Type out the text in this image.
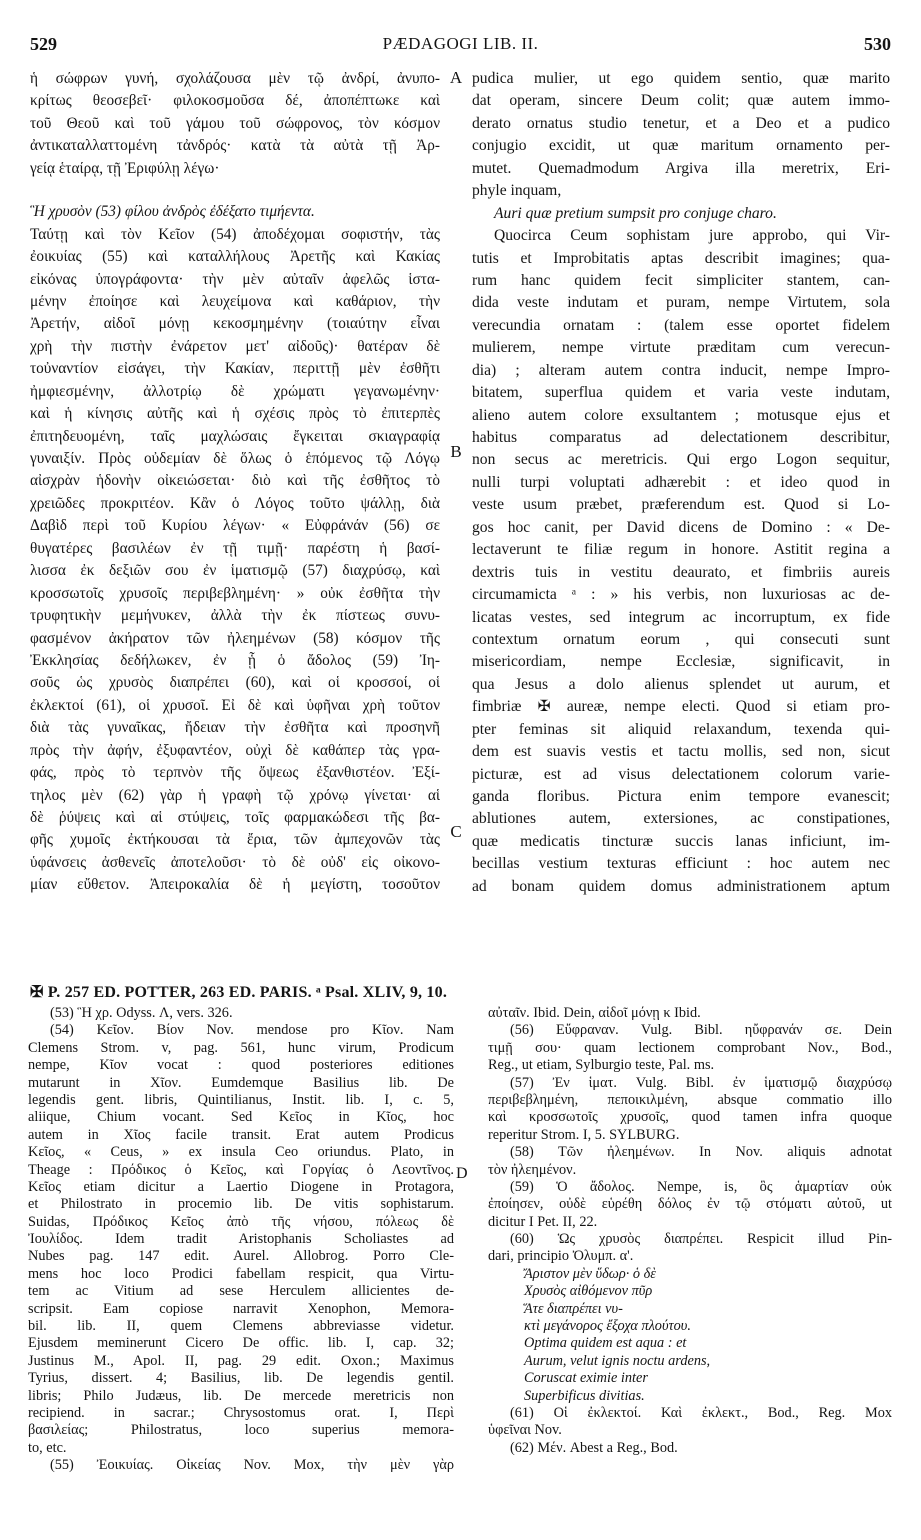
PÆDAGOGI LIB. II.
529	530
ἡ σώφρων γυνή, σχολάζουσα μὲν τῷ ἀνδρί, ἀνυπο-
κρίτως θεοσεβεῖ· φιλοκοσμοῦσα δέ, ἀποπέπτωκε καὶ
τοῦ Θεοῦ καὶ τοῦ γάμου τοῦ σώφρονος, τὸν κόσμον
ἀντικαταλλαττομένη τἀνδρός· κατὰ τὰ αὐτὰ τῇ Ἀρ-
γείᾳ ἑταίρᾳ, τῇ Ἐριφύλῃ λέγω·
Ἣ χρυσὸν (53) φίλου ἀνδρὸς ἐδέξατο τιμήεντα.
Ταύτῃ καὶ τὸν Κεῖον (54) ἀποδέχομαι σοφιστήν, τὰς
ἐοικυίας (55) καὶ καταλλήλους Ἀρετῆς καὶ Κακίας
εἰκόνας ὑπογράφοντα· τὴν μὲν αὐταῖν ἀφελῶς ἱστα-
μένην ἐποίησε καὶ λευχείμονα καὶ καθάριον, τὴν
Ἀρετήν, αἰδοῖ μόνῃ κεκοσμημένην (τοιαύτην εἶναι
χρὴ τὴν πιστὴν ἐνάρετον μετ' αἰδοῦς)· θατέραν δὲ
τοὐναντίον εἰσάγει, τὴν Κακίαν, περιττῇ μὲν ἐσθῆτι
ἠμφιεσμένην, ἀλλοτρίῳ δὲ χρώματι γεγανωμένην·
καὶ ἡ κίνησις αὐτῆς καὶ ἡ σχέσις πρὸς τὸ ἐπιτερπὲς
ἐπιτηδευομένη, ταῖς μαχλώσαις ἔγκειται σκιαγραφίᾳ
γυναιξίν. Πρὸς οὐδεμίαν δὲ ὅλως ὁ ἑπόμενος τῷ Λόγῳ
αἰσχρὰν ἡδονὴν οἰκειώσεται· διὸ καὶ τῆς ἐσθῆτος τὸ
χρειῶδες προκριτέον. Κἂν ὁ Λόγος τοῦτο ψάλλῃ, διὰ
Δαβὶδ περὶ τοῦ Κυρίου λέγων· « Εὐφράνάν (56) σε
θυγατέρες βασιλέων ἐν τῇ τιμῇ· παρέστη ἡ βασί-
λισσα ἐκ δεξιῶν σου ἐν ἱματισμῷ (57) διαχρύσῳ, καὶ
κροσσωτοῖς χρυσοῖς περιβεβλημένη· » οὐκ ἐσθῆτα τὴν
τρυφητικὴν μεμήνυκεν, ἀλλὰ τὴν ἐκ πίστεως συνυ-
φασμένον ἀκήρατον τῶν ἠλεημένων (58) κόσμον τῆς
Ἐκκλησίας δεδήλωκεν, ἐν ᾗ ὁ ἄδολος (59) Ἰη-
σοῦς ὡς χρυσὸς διαπρέπει (60), καὶ οἱ κροσσοί, οἱ
ἐκλεκτοί (61), οἱ χρυσοῖ. Εἰ δὲ καὶ ὑφῆναι χρὴ τοῦτον
διὰ τὰς γυναῖκας, ἤδειαν τὴν ἐσθῆτα καὶ προσηνῆ
πρὸς τὴν ἀφήν, ἐξυφαντέον, οὐχὶ δὲ καθάπερ τὰς γρα-
φάς, πρὸς τὸ τερπνὸν τῆς ὄψεως ἐξανθιστέον. Ἐξί-
τηλος μὲν (62) γὰρ ἡ γραφὴ τῷ χρόνῳ γίνεται· αἱ
δὲ ῥύψεις καὶ αἱ στύψεις, τοῖς φαρμακώδεσι τῆς βα-
φῆς χυμοῖς ἐκτήκουσαι τὰ ἔρια, τῶν ἀμπεχονῶν τὰς
ὑφάνσεις ἀσθενεῖς ἀποτελοῦσι· τὸ δὲ οὐδ' εἰς οἰκονο-
μίαν εὔθετον. Ἀπειροκαλία δὲ ἡ μεγίστη, τοσοῦτον
pudica mulier, ut ego quidem sentio, quæ marito
dat operam, sincere Deum colit; quæ autem immo-
derato ornatus studio tenetur, et a Deo et a pudico
conjugio excidit, ut quæ maritum ornamento per-
mutet. Quemadmodum Argiva illa meretrix, Eri-
phyle inquam,
Auri quæ pretium sumpsit pro conjuge charo.
Quocirca Ceum sophistam jure approbo, qui Vir-
tutis et Improbitatis aptas describit imagines; qua-
rum hanc quidem fecit simpliciter stantem, can-
dida veste indutam et puram, nempe Virtutem, sola
verecundia ornatam : (talem esse oportet fidelem
mulierem, nempe virtute præditam cum verecun-
dia) ; alteram autem contra inducit, nempe Impro-
bitatem, superflua quidem et varia veste indutam,
alieno autem colore exsultantem ; motusque ejus et
habitus comparatus ad delectationem describitur,
non secus ac meretricis. Qui ergo Logon sequitur,
nulli turpi voluptati adhærebit : et ideo quod in
veste usum præbet, præferendum est. Quod si Lo-
gos hoc canit, per David dicens de Domino : « De-
lectaverunt te filiæ regum in honore. Astitit regina a
dextris tuis in vestitu deaurato, et fimbriis aureis
circumamicta ᵃ : » his verbis, non luxuriosas ac de-
licatas vestes, sed integrum ac incorruptum, ex fide
contextum ornatum eorum , qui consecuti sunt
misericordiam, nempe Ecclesiæ, significavit, in
qua Jesus a dolo alienus splendet ut aurum, et
fimbriæ ✠ aureæ, nempe electi. Quod si etiam pro-
pter feminas sit aliquid relaxandum, texenda qui-
dem est suavis vestis et tactu mollis, sed non, sicut
picturæ, est ad visus delectationem colorum varie-
ganda floribus. Pictura enim tempore evanescit;
ablutiones autem, extersiones, ac constipationes,
quæ medicatis tincturæ succis lanas inficiunt, im-
becillas vestium texturas efficiunt : hoc autem nec
ad bonam quidem domus administrationem aptum
A
B
C
D
✠ P. 257 ED. POTTER, 263 ED. PARIS. ᵃ Psal. XLIV, 9, 10.
(53) Ἣ χρ. Odyss. Λ, vers. 326.
(54) Κεῖον. Βίον Nov. mendose pro Κῖον. Nam
Clemens Strom. v, pag. 561, hunc virum, Prodicum
nempe, Κῖον vocat : quod posteriores editiones
mutarunt in Χῖον. Eumdemque Basilius lib. De
legendis gent. libris, Quintilianus, Instit. lib. I, c. 5,
aliique, Chium vocant. Sed Κεῖος in Κῖος, hoc
autem in Χῖος facile transit. Erat autem Prodicus
Κεῖος, « Ceus, » ex insula Ceo oriundus. Plato, in
Theage : Πρόδικος ὁ Κεῖος, καὶ Γοργίας ὁ Λεοντῖνος.
Κεῖος etiam dicitur a Laertio Diogene in Protagora,
et Philostrato in procemio lib. De vitis sophistarum.
Suidas, Πρόδικος Κεῖος ἀπὸ τῆς νήσου, πόλεως δὲ
Ἰουλίδος. Idem tradit Aristophanis Scholiastes ad
Nubes pag. 147 edit. Aurel. Allobrog. Porro Cle-
mens hoc loco Prodici fabellam respicit, qua Virtu-
tem ac Vitium ad sese Herculem allicientes de-
scripsit. Eam copiose narravit Xenophon, Memora-
bil. lib. II, quem Clemens abbreviasse videtur.
Ejusdem meminerunt Cicero De offic. lib. I, cap. 32;
Justinus M., Apol. II, pag. 29 edit. Oxon.; Maximus
Tyrius, dissert. 4; Basilius, lib. De legendis gentil.
libris; Philo Judæus, lib. De mercede meretricis non
recipiend. in sacrar.; Chrysostomus orat. I, Περὶ
βασιλείας; Philostratus, loco superius memora-
to, etc.
(55) Ἐοικυίας. Οἰκείας Nov. Mox, τὴν μὲν γὰρ
αὐταῖν. Ibid. Dein, αἰδοῖ μόνῃ κ Ibid.
(56) Εὔφραναν. Vulg. Bibl. ηὔφρανάν σε. Dein
τιμῇ σου· quam lectionem comprobant Nov., Bod.,
Reg., ut etiam, Sylburgio teste, Pal. ms.
(57) Ἐν ἱματ. Vulg. Bibl. ἐν ἱματισμῷ διαχρύσῳ
περιβεβλημένη, πεποικιλμένη, absque commatio illo
καὶ κροσσωτοῖς χρυσοῖς, quod tamen infra quoque
reperitur Strom. I, 5. SYLBURG.
(58) Τῶν ἠλεημένων. In Nov. aliquis adnotat
τὸν ἠλεημένον.
(59) Ὁ ἄδολος. Nempe, is, ὃς ἁμαρτίαν οὐκ
ἐποίησεν, οὐδὲ εὑρέθη δόλος ἐν τῷ στόματι αὐτοῦ, ut
dicitur I Pet. II, 22.
(60) Ὡς χρυσὸς διαπρέπει. Respicit illud Pin-
dari, principio Ὀλυμπ. α'.
Ἄριστον μὲν ὕδωρ· ὁ δὲ
Χρυσὸς αἰθόμενον πῦρ
Ἅτε διαπρέπει νυ-
κτὶ μεγάνορος ἔξοχα πλούτου.
Optima quidem est aqua : et
Aurum, velut ignis noctu ardens,
Coruscat eximie inter
Superbificus divitias.
(61) Οἱ ἐκλεκτοί. Καὶ ἐκλεκτ., Bod., Reg. Mox
ὑφεῖναι Nov.
(62) Μέν. Abest a Reg., Bod.
